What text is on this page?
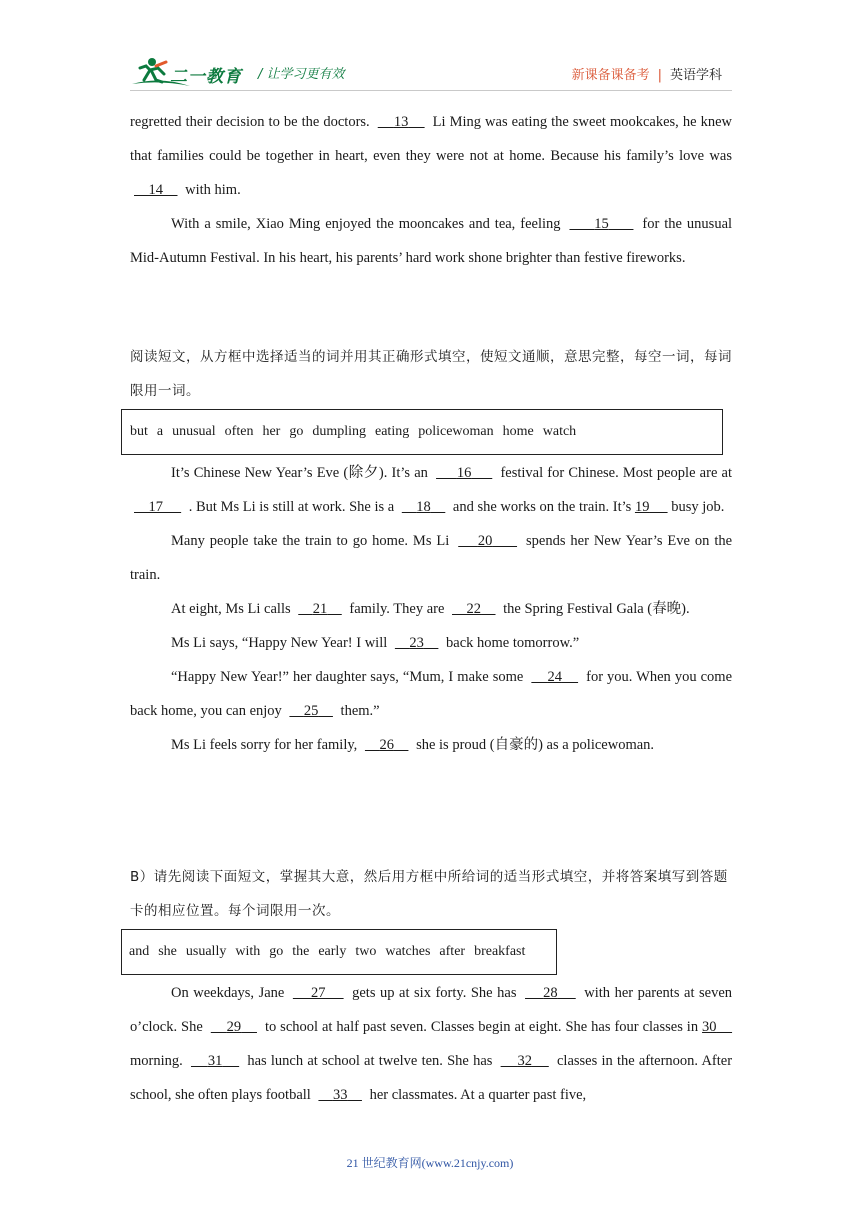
二一教育 / 让学习更有效	新课备课备考 | 英语学科

regretted their decision to be the doctors. 13 Li Ming was eating the sweet mookcakes, he knew that families could be together in heart, even they were not at home. Because his family’s love was     14 with him.

With a smile, Xiao Ming enjoyed the mooncakes and tea, feeling 15 for the unusual Mid-Autumn Festival. In his heart, his parents’ hard work shone brighter than festive fireworks.

阅读短文，从方框中选择适当的词并用其正确形式填空，使短文通顺，意思完整，每空一词，每词限用一词。

but a unusual often her go dumpling eating policewoman home watch

It’s Chinese New Year’s Eve (除夕). It’s an 16 festival for Chinese. Most people are at     17 . But Ms Li is still at work. She is a 18 and she works on the train. It’s 19 busy job.

Many people take the train to go home. Ms Li 20 spends her New Year’s Eve on the train.

At eight, Ms Li calls 21 family. They are 22 the Spring Festival Gala (春晚).

Ms Li says, “Happy New Year! I will 23 back home tomorrow.”

“Happy New Year!” her daughter says, “Mum, I make some 24 for you. When you come back home, you can enjoy 25 them.”

Ms Li feels sorry for her family, 26 she is proud (自豪的) as a policewoman.

B）请先阅读下面短文，掌握其大意，然后用方框中所给词的适当形式填空，并将答案填写到答题卡的相应位置。每个词限用一次。

and she usually with go the early two watches after breakfast

On weekdays, Jane 27 gets up at six forty. She has 28 with her parents at seven o’clock. She 29 to school at half past seven. Classes begin at eight. She has four classes in 30     morning. 31 has lunch at school at twelve ten. She has 32 classes in the afternoon. After school, she often plays football 33 her classmates. At a quarter past five,

21 世纪教育网(www.21cnjy.com)
